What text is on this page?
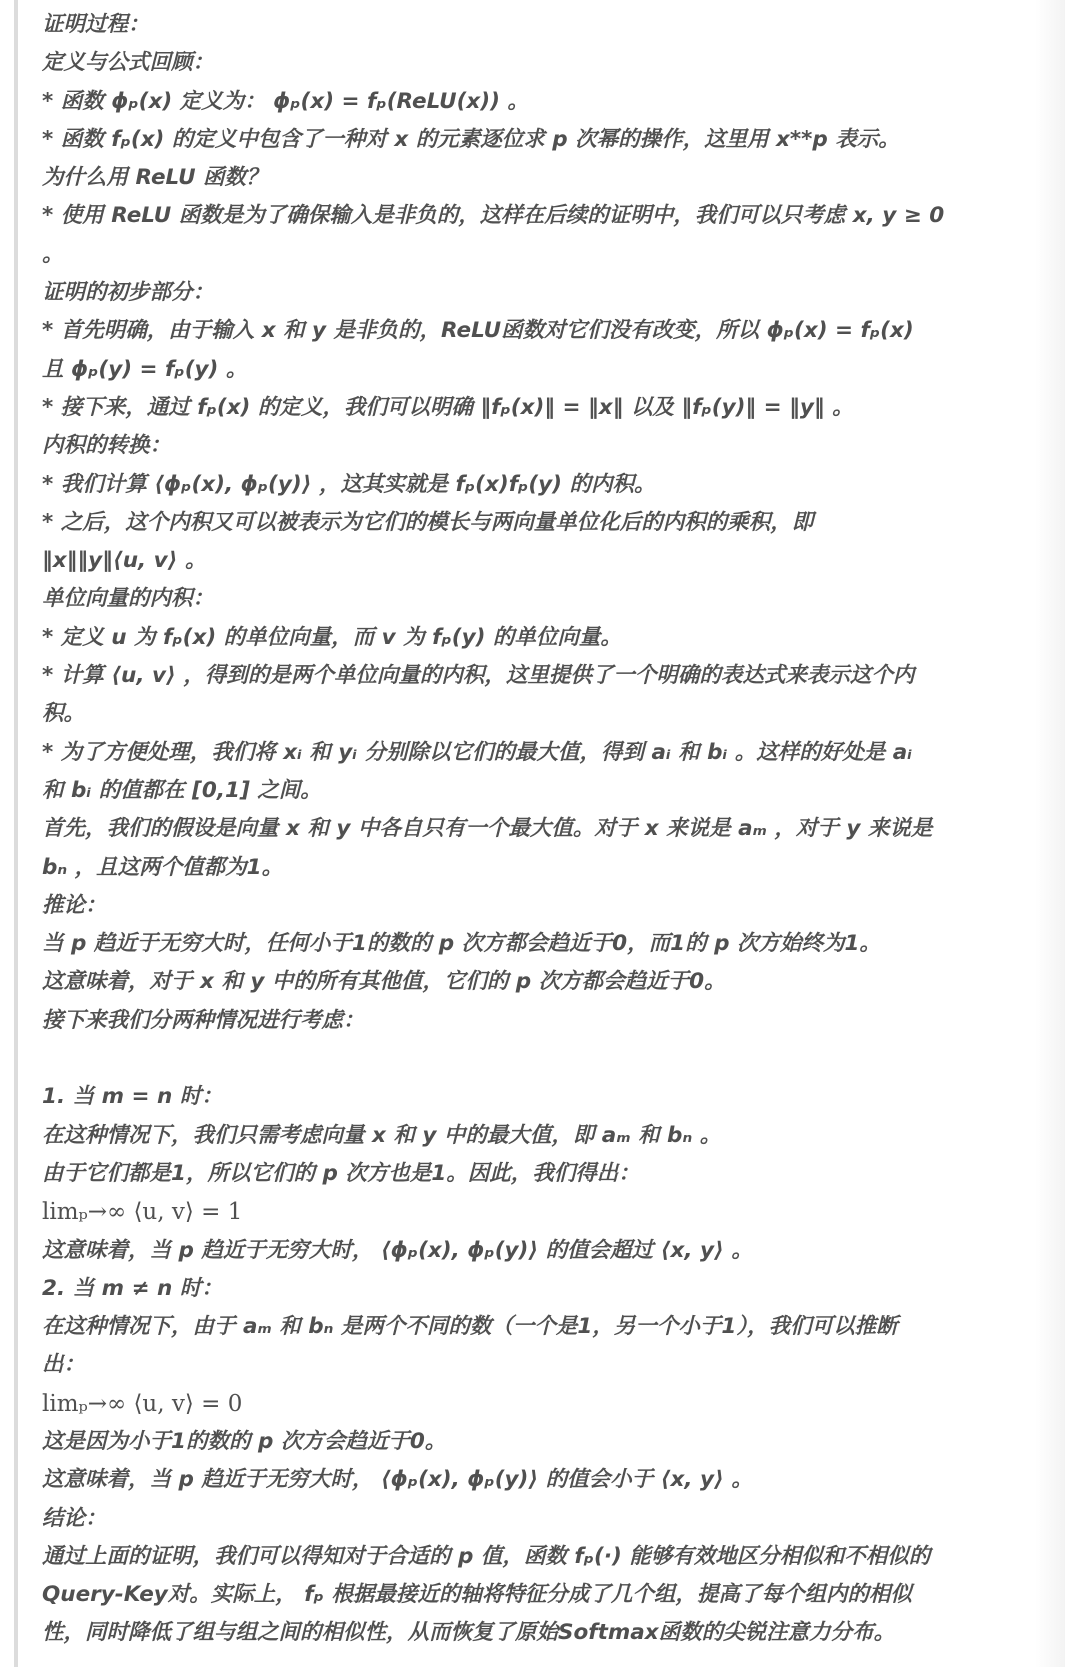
证明过程：
定义与公式回顾：
* 函数 ϕₚ(x) 定义为： ϕₚ(x) = fₚ(ReLU(x)) 。
* 函数 fₚ(x) 的定义中包含了一种对 x 的元素逐位求 p 次幂的操作，这里用 x**p 表示。
为什么用 ReLU 函数？
* 使用 ReLU 函数是为了确保输入是非负的，这样在后续的证明中，我们可以只考虑 x, y ≥ 0
。
证明的初步部分：
* 首先明确，由于输入 x 和 y 是非负的，ReLU函数对它们没有改变，所以 ϕₚ(x) = fₚ(x)
且 ϕₚ(y) = fₚ(y) 。
* 接下来，通过 fₚ(x) 的定义，我们可以明确 ‖fₚ(x)‖ = ‖x‖ 以及 ‖fₚ(y)‖ = ‖y‖ 。
内积的转换：
* 我们计算 ⟨ϕₚ(x), ϕₚ(y)⟩ ，这其实就是 fₚ(x)fₚ(y) 的内积。
* 之后，这个内积又可以被表示为它们的模长与两向量单位化后的内积的乘积，即
‖x‖‖y‖⟨u, v⟩ 。
单位向量的内积：
* 定义 u 为 fₚ(x) 的单位向量，而 v 为 fₚ(y) 的单位向量。
* 计算 ⟨u, v⟩ ，得到的是两个单位向量的内积，这里提供了一个明确的表达式来表示这个内
积。
* 为了方便处理，我们将 xᵢ 和 yᵢ 分别除以它们的最大值，得到 aᵢ 和 bᵢ 。这样的好处是 aᵢ
和 bᵢ 的值都在 [0,1] 之间。
首先，我们的假设是向量 x 和 y 中各自只有一个最大值。对于 x 来说是 aₘ ，对于 y 来说是
bₙ ，且这两个值都为1。
推论：
当 p 趋近于无穷大时，任何小于1的数的 p 次方都会趋近于0，而1的 p 次方始终为1。
这意味着，对于 x 和 y 中的所有其他值，它们的 p 次方都会趋近于0。
接下来我们分两种情况进行考虑：
1. 当 m = n 时：
在这种情况下，我们只需考虑向量 x 和 y 中的最大值，即 aₘ 和 bₙ 。
由于它们都是1，所以它们的 p 次方也是1。因此，我们得出：
limₚ→∞ ⟨u, v⟩ = 1
这意味着，当 p 趋近于无穷大时， ⟨ϕₚ(x), ϕₚ(y)⟩ 的值会超过 ⟨x, y⟩ 。
2. 当 m ≠ n 时：
在这种情况下，由于 aₘ 和 bₙ 是两个不同的数（一个是1，另一个小于1），我们可以推断
出：
limₚ→∞ ⟨u, v⟩ = 0
这是因为小于1的数的 p 次方会趋近于0。
这意味着，当 p 趋近于无穷大时， ⟨ϕₚ(x), ϕₚ(y)⟩ 的值会小于 ⟨x, y⟩ 。
结论：
通过上面的证明，我们可以得知对于合适的 p 值，函数 fₚ(·) 能够有效地区分相似和不相似的
Query-Key对。实际上， fₚ 根据最接近的轴将特征分成了几个组，提高了每个组内的相似
性，同时降低了组与组之间的相似性，从而恢复了原始Softmax函数的尖锐注意力分布。
